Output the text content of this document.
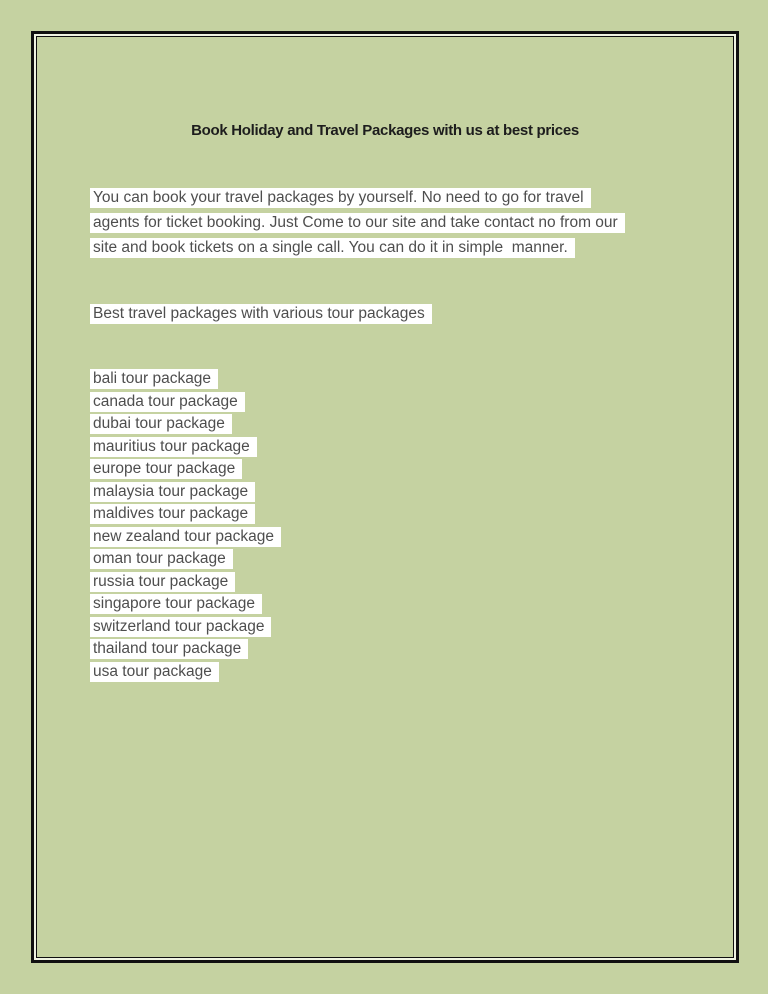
Book Holiday and Travel Packages with us at best prices
You can book your travel packages by yourself. No need to go for travel
agents for ticket booking. Just Come to our site and take contact no from our
site and book tickets on a single call. You can do it in simple  manner.
Best travel packages with various tour packages
bali tour package
canada tour package
dubai tour package
mauritius tour package
europe tour package
malaysia tour package
maldives tour package
new zealand tour package
oman tour package
russia tour package
singapore tour package
switzerland tour package
thailand tour package
usa tour package
